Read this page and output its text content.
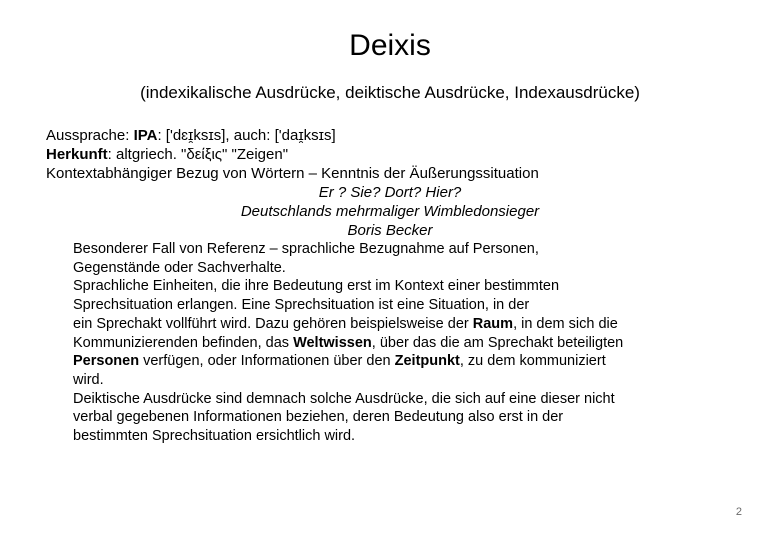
Deixis
(indexikalische Ausdrücke, deiktische Ausdrücke, Indexausdrücke)
Aussprache: IPA: ['dɛɪ̯ksɪs], auch: ['daɪ̯ksɪs]
Herkunft: altgriech. "δείξις" "Zeigen"
Kontextabhängiger Bezug von Wörtern – Kenntnis der Äußerungssituation
Er ? Sie? Dort? Hier?
Deutschlands mehrmaliger Wimbledonsieger
Boris Becker
Besonderer Fall von Referenz – sprachliche Bezugnahme auf Personen,
Gegenstände oder Sachverhalte.
Sprachliche Einheiten, die ihre Bedeutung erst im Kontext einer bestimmten
Sprechsituation erlangen. Eine Sprechsituation ist eine Situation, in der
ein Sprechakt vollführt wird. Dazu gehören beispielsweise der Raum, in dem sich die
Kommunizierenden befinden, das Weltwissen, über das die am Sprechakt beteiligten
Personen verfügen, oder Informationen über den Zeitpunkt, zu dem kommuniziert
wird.
Deiktische Ausdrücke sind demnach solche Ausdrücke, die sich auf eine dieser nicht
verbal gegebenen Informationen beziehen, deren Bedeutung also erst in der
bestimmten Sprechsituation ersichtlich wird.
2
